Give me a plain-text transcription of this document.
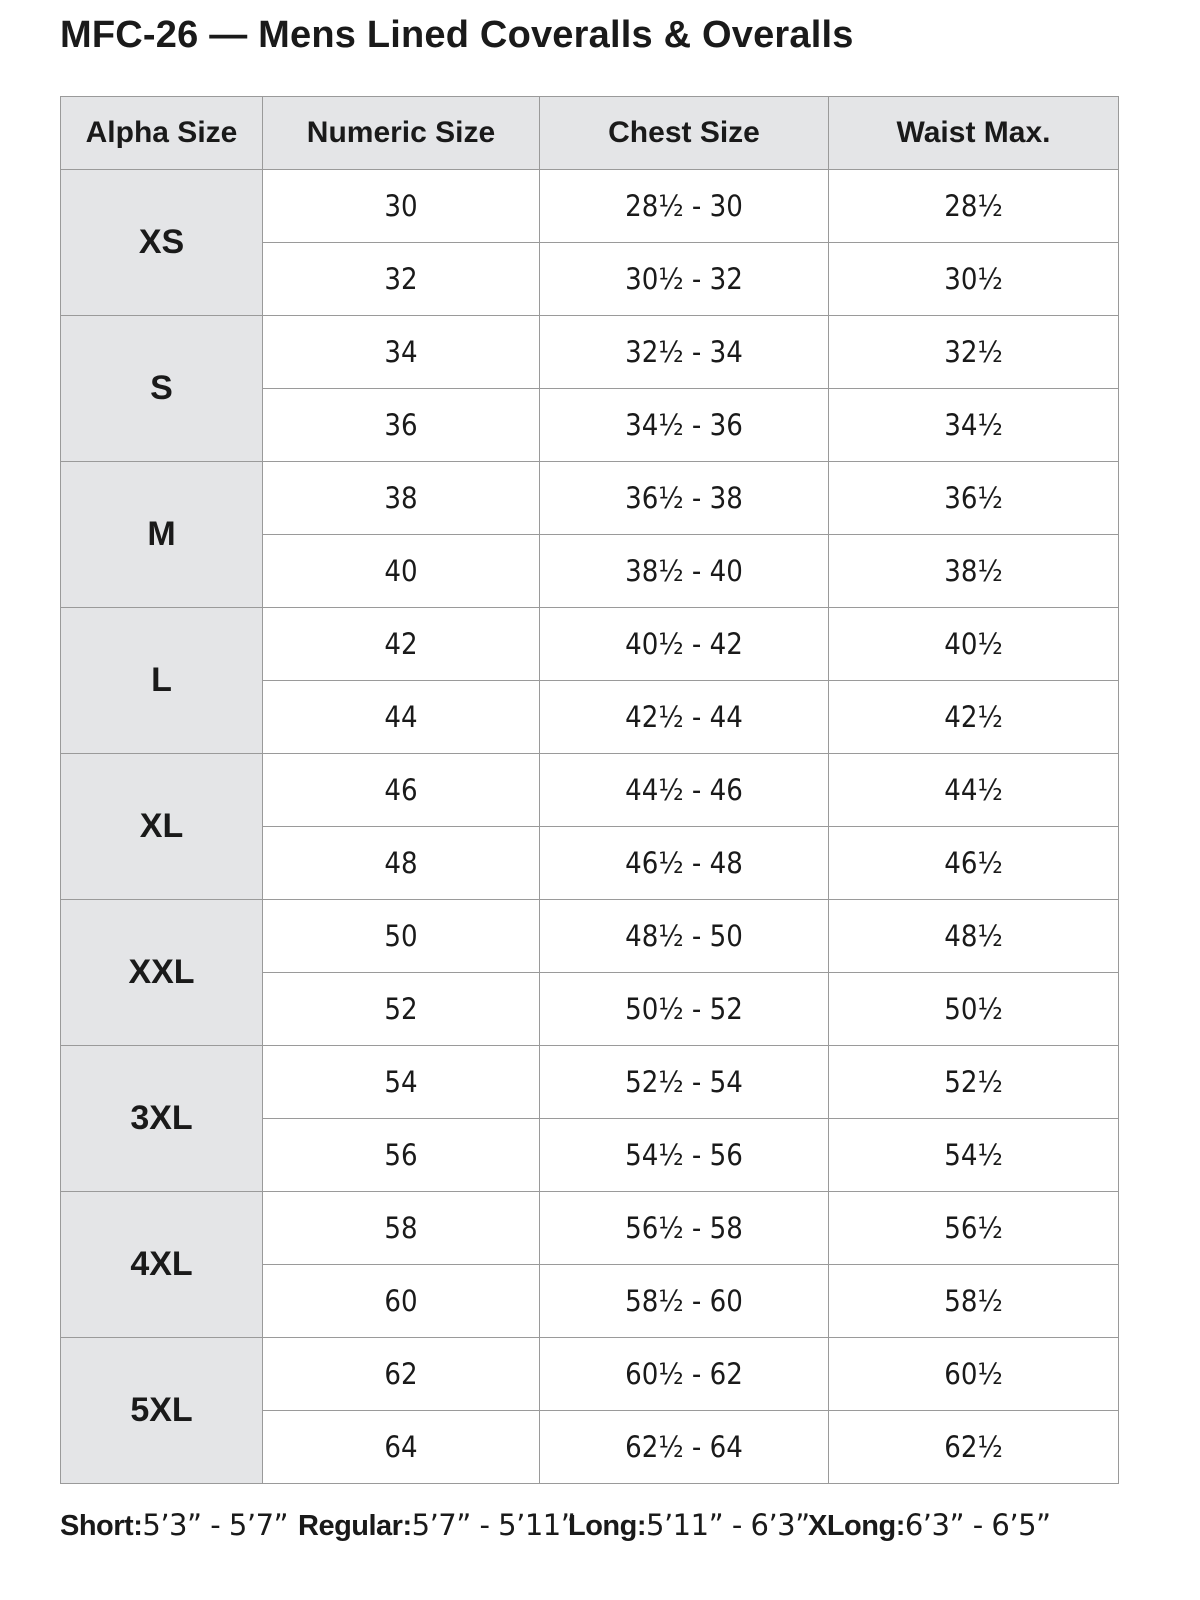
MFC-26 — Mens Lined Coveralls & Overalls
Alpha Size	Numeric Size	Chest Size	Waist Max.
XS	30	28½ - 30	28½
	32	30½ - 32	30½
S	34	32½ - 34	32½
	36	34½ - 36	34½
M	38	36½ - 38	36½
	40	38½ - 40	38½
L	42	40½ - 42	40½
	44	42½ - 44	42½
XL	46	44½ - 46	44½
	48	46½ - 48	46½
XXL	50	48½ - 50	48½
	52	50½ - 52	50½
3XL	54	52½ - 54	52½
	56	54½ - 56	54½
4XL	58	56½ - 58	56½
	60	58½ - 60	58½
5XL	62	60½ - 62	60½
	64	62½ - 64	62½
Short:5’3” - 5’7” Regular:5’7” - 5’11”
Long:5’11” - 6’3”
XLong:6’3” - 6’5”
